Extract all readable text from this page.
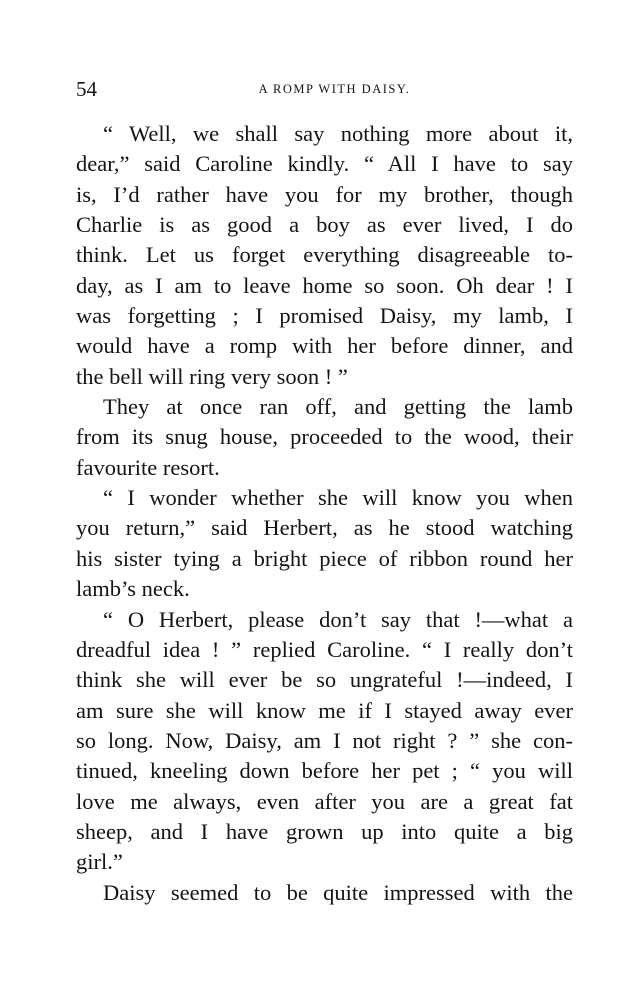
54	A ROMP WITH DAISY.
“ Well, we shall say nothing more about it,
dear,” said Caroline kindly. “ All I have to say
is, I’d rather have you for my brother, though
Charlie is as good a boy as ever lived, I do
think. Let us forget everything disagreeable to-
day, as I am to leave home so soon. Oh dear ! I
was forgetting ; I promised Daisy, my lamb, I
would have a romp with her before dinner, and
the bell will ring very soon ! ”
They at once ran off, and getting the lamb
from its snug house, proceeded to the wood, their
favourite resort.
“ I wonder whether she will know you when
you return,” said Herbert, as he stood watching
his sister tying a bright piece of ribbon round her
lamb’s neck.
“ O Herbert, please don’t say that !—what a
dreadful idea ! ” replied Caroline. “ I really don’t
think she will ever be so ungrateful !—indeed, I
am sure she will know me if I stayed away ever
so long. Now, Daisy, am I not right ? ” she con-
tinued, kneeling down before her pet ; “ you will
love me always, even after you are a great fat
sheep, and I have grown up into quite a big
girl.”
Daisy seemed to be quite impressed with the
